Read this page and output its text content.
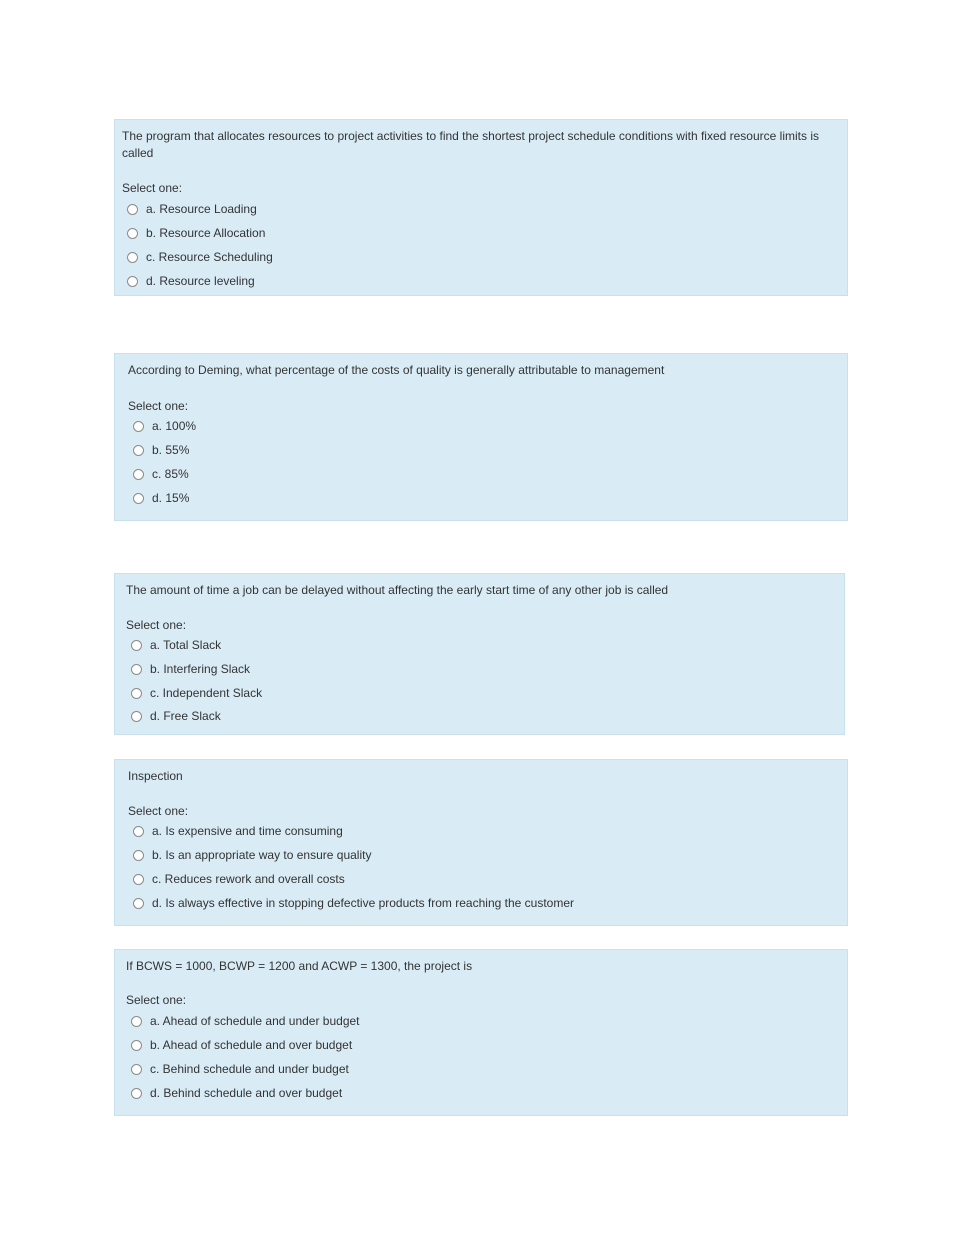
The program that allocates resources to project activities to find the shortest project schedule conditions with fixed resource limits is called
Select one:
a. Resource Loading
b. Resource Allocation
c. Resource Scheduling
d. Resource leveling
According to Deming, what percentage of the costs of quality is generally attributable to management
Select one:
a. 100%
b. 55%
c. 85%
d. 15%
The amount of time a job can be delayed without affecting the early start time of any other job is called
Select one:
a. Total Slack
b. Interfering Slack
c. Independent Slack
d. Free Slack
Inspection
Select one:
a. Is expensive and time consuming
b. Is an appropriate way to ensure quality
c. Reduces rework and overall costs
d. Is always effective in stopping defective products from reaching the customer
If BCWS = 1000, BCWP = 1200 and ACWP = 1300, the project is
Select one:
a. Ahead of schedule and under budget
b. Ahead of schedule and over budget
c. Behind schedule and under budget
d. Behind schedule and over budget
